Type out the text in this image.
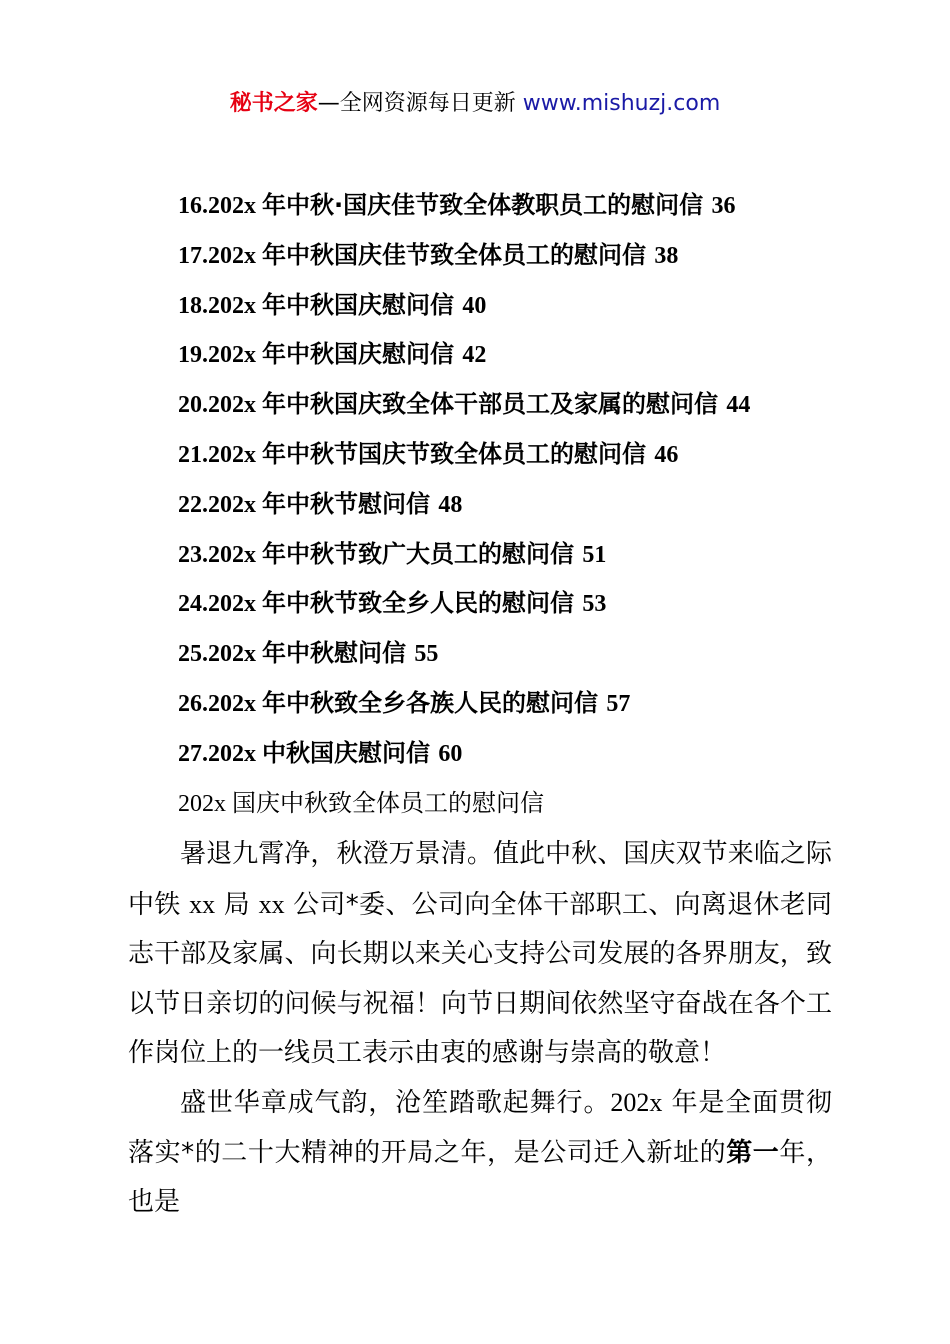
秘书之家—全网资源每日更新 www.mishuzj.com
16.202x 年中秋·国庆佳节致全体教职员工的慰问信 36
17.202x 年中秋国庆佳节致全体员工的慰问信 38
18.202x 年中秋国庆慰问信 40
19.202x 年中秋国庆慰问信 42
20.202x 年中秋国庆致全体干部员工及家属的慰问信 44
21.202x 年中秋节国庆节致全体员工的慰问信 46
22.202x 年中秋节慰问信 48
23.202x 年中秋节致广大员工的慰问信 51
24.202x 年中秋节致全乡人民的慰问信 53
25.202x 年中秋慰问信 55
26.202x 年中秋致全乡各族人民的慰问信 57
27.202x 中秋国庆慰问信 60
202x 国庆中秋致全体员工的慰问信

暑退九霄净，秋澄万景清。值此中秋、国庆双节来临之际中铁 xx 局 xx 公司*委、公司向全体干部职工、向离退休老同志干部及家属、向长期以来关心支持公司发展的各界朋友，致以节日亲切的问候与祝福！向节日期间依然坚守奋战在各个工作岗位上的一线员工表示由衷的感谢与崇高的敬意！

盛世华章成气韵，沧笙踏歌起舞行。202x 年是全面贯彻落实*的二十大精神的开局之年，是公司迁入新址的第一年，也是
